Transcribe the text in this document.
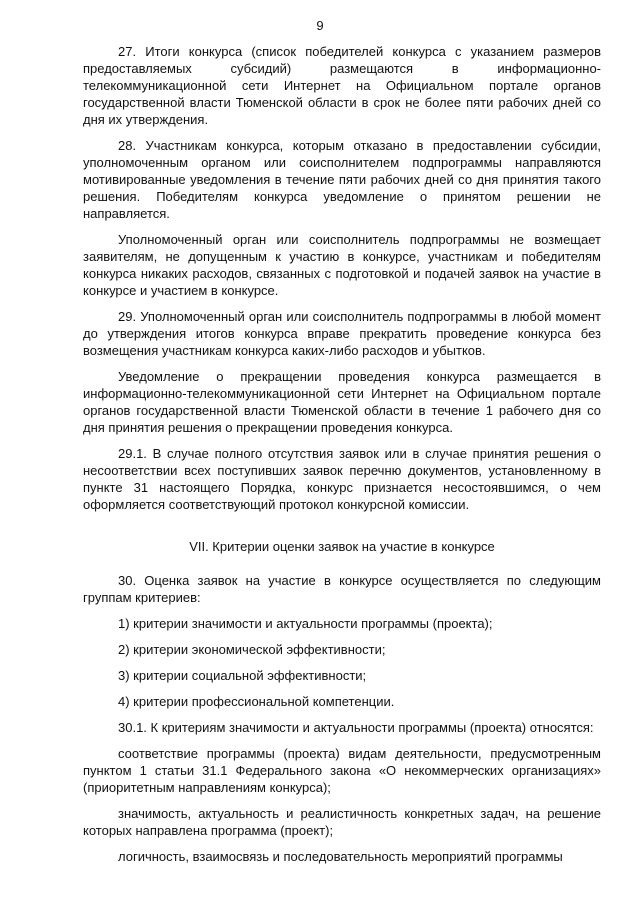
9

27. Итоги конкурса (список победителей конкурса с указанием размеров предоставляемых субсидий) размещаются в информационно-телекоммуникационной сети Интернет на Официальном портале органов государственной власти Тюменской области в срок не более пяти рабочих дней со дня их утверждения.

28. Участникам конкурса, которым отказано в предоставлении субсидии, уполномоченным органом или соисполнителем подпрограммы направляются мотивированные уведомления в течение пяти рабочих дней со дня принятия такого решения. Победителям конкурса уведомление о принятом решении не направляется.

Уполномоченный орган или соисполнитель подпрограммы не возмещает заявителям, не допущенным к участию в конкурсе, участникам и победителям конкурса никаких расходов, связанных с подготовкой и подачей заявок на участие в конкурсе и участием в конкурсе.

29. Уполномоченный орган или соисполнитель подпрограммы в любой момент до утверждения итогов конкурса вправе прекратить проведение конкурса без возмещения участникам конкурса каких-либо расходов и убытков.

Уведомление о прекращении проведения конкурса размещается в информационно-телекоммуникационной сети Интернет на Официальном портале органов государственной власти Тюменской области в течение 1 рабочего дня со дня принятия решения о прекращении проведения конкурса.

29.1. В случае полного отсутствия заявок или в случае принятия решения о несоответствии всех поступивших заявок перечню документов, установленному в пункте 31 настоящего Порядка, конкурс признается несостоявшимся, о чем оформляется соответствующий протокол конкурсной комиссии.

VII. Критерии оценки заявок на участие в конкурсе

30. Оценка заявок на участие в конкурсе осуществляется по следующим группам критериев:

1) критерии значимости и актуальности программы (проекта);

2) критерии экономической эффективности;

3) критерии социальной эффективности;

4) критерии профессиональной компетенции.

30.1. К критериям значимости и актуальности программы (проекта) относятся:

соответствие программы (проекта) видам деятельности, предусмотренным пунктом 1 статьи 31.1 Федерального закона «О некоммерческих организациях» (приоритетным направлениям конкурса);

значимость, актуальность и реалистичность конкретных задач, на решение которых направлена программа (проект);

логичность, взаимосвязь и последовательность мероприятий программы
